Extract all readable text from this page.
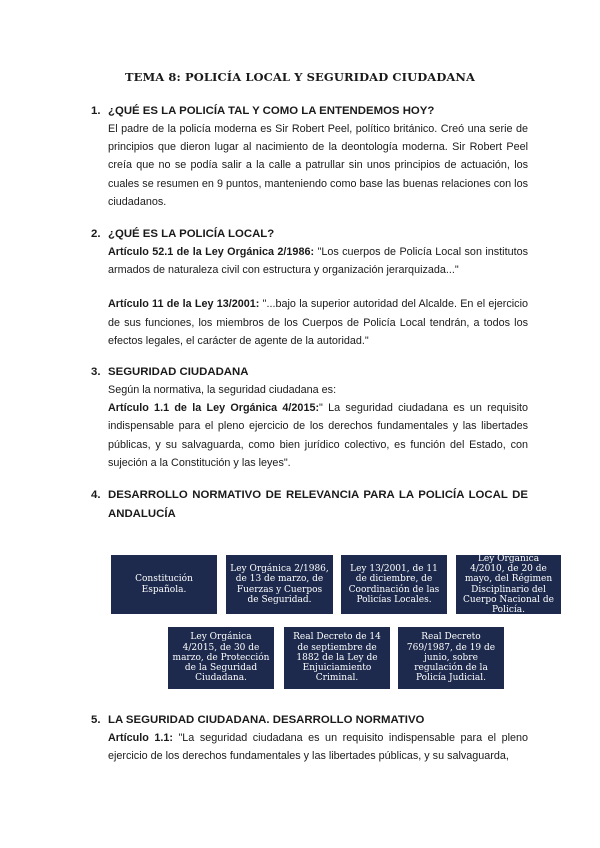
TEMA 8: POLICÍA LOCAL Y SEGURIDAD CIUDADANA
1. ¿QUÉ ES LA POLICÍA TAL Y COMO LA ENTENDEMOS HOY?
El padre de la policía moderna es Sir Robert Peel, político británico. Creó una serie de principios que dieron lugar al nacimiento de la deontología moderna. Sir Robert Peel creía que no se podía salir a la calle a patrullar sin unos principios de actuación, los cuales se resumen en 9 puntos, manteniendo como base las buenas relaciones con los ciudadanos.
2. ¿QUÉ ES LA POLICÍA LOCAL?
Artículo 52.1 de la Ley Orgánica 2/1986: "Los cuerpos de Policía Local son institutos armados de naturaleza civil con estructura y organización jerarquizada..."
Artículo 11 de la Ley 13/2001: "...bajo la superior autoridad del Alcalde. En el ejercicio de sus funciones, los miembros de los Cuerpos de Policía Local tendrán, a todos los efectos legales, el carácter de agente de la autoridad."
3. SEGURIDAD CIUDADANA
Según la normativa, la seguridad ciudadana es:
Artículo 1.1 de la Ley Orgánica 4/2015:" La seguridad ciudadana es un requisito indispensable para el pleno ejercicio de los derechos fundamentales y las libertades públicas, y su salvaguarda, como bien jurídico colectivo, es función del Estado, con sujeción a la Constitución y las leyes".
4. DESARROLLO NORMATIVO DE RELEVANCIA PARA LA POLICÍA LOCAL DE ANDALUCÍA
Constitución Española.
Ley Orgánica 2/1986, de 13 de marzo, de Fuerzas y Cuerpos de Seguridad.
Ley 13/2001, de 11 de diciembre, de Coordinación de las Policías Locales.
Ley Orgánica 4/2010, de 20 de mayo, del Régimen Disciplinario del Cuerpo Nacional de Policía.
Ley Orgánica 4/2015, de 30 de marzo, de Protección de la Seguridad Ciudadana.
Real Decreto de 14 de septiembre de 1882 de la Ley de Enjuiciamiento Criminal.
Real Decreto 769/1987, de 19 de junio, sobre regulación de la Policía Judicial.
5. LA SEGURIDAD CIUDADANA. DESARROLLO NORMATIVO
Artículo 1.1: "La seguridad ciudadana es un requisito indispensable para el pleno ejercicio de los derechos fundamentales y las libertades públicas, y su salvaguarda,
